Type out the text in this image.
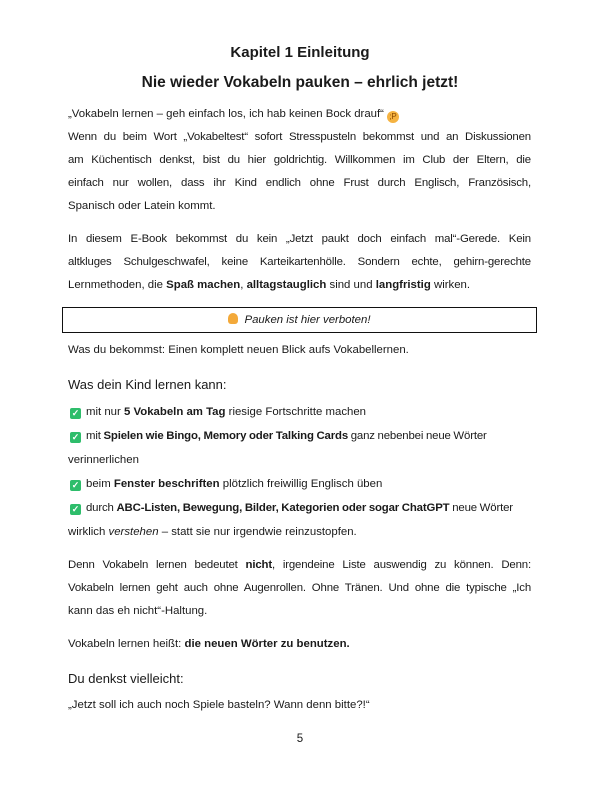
Kapitel 1 Einleitung
Nie wieder Vokabeln pauken – ehrlich jetzt!
„Vokabeln lernen – geh einfach los, ich hab keinen Bock drauf“ ;P
Wenn du beim Wort „Vokabeltest“ sofort Stresspusteln bekommst und an Diskussionen
am Küchentisch denkst, bist du hier goldrichtig. Willkommen im Club der Eltern, die
einfach nur wollen, dass ihr Kind endlich ohne Frust durch Englisch, Französisch,
Spanisch oder Latein kommt.
In diesem E-Book bekommst du kein „Jetzt paukt doch einfach mal“-Gerede. Kein
altkluges Schulgeschwafel, keine Karteikartenhölle. Sondern echte, gehirn-gerechte
Lernmethoden, die Spaß machen, alltagstauglich sind und langfristig wirken.
Pauken ist hier verboten!
Was du bekommst: Einen komplett neuen Blick aufs Vokabellernen.
Was dein Kind lernen kann:
✓ mit nur 5 Vokabeln am Tag riesige Fortschritte machen
✓ mit Spielen wie Bingo, Memory oder Talking Cards ganz nebenbei neue Wörter
verinnerlichen
✓ beim Fenster beschriften plötzlich freiwillig Englisch üben
✓ durch ABC-Listen, Bewegung, Bilder, Kategorien oder sogar ChatGPT neue Wörter
wirklich verstehen – statt sie nur irgendwie reinzustopfen.
Denn Vokabeln lernen bedeutet nicht, irgendeine Liste auswendig zu können. Denn:
Vokabeln lernen geht auch ohne Augenrollen. Ohne Tränen. Und ohne die typische „Ich
kann das eh nicht“-Haltung.
Vokabeln lernen heißt: die neuen Wörter zu benutzen.
Du denkst vielleicht:
„Jetzt soll ich auch noch Spiele basteln? Wann denn bitte?!“
5
